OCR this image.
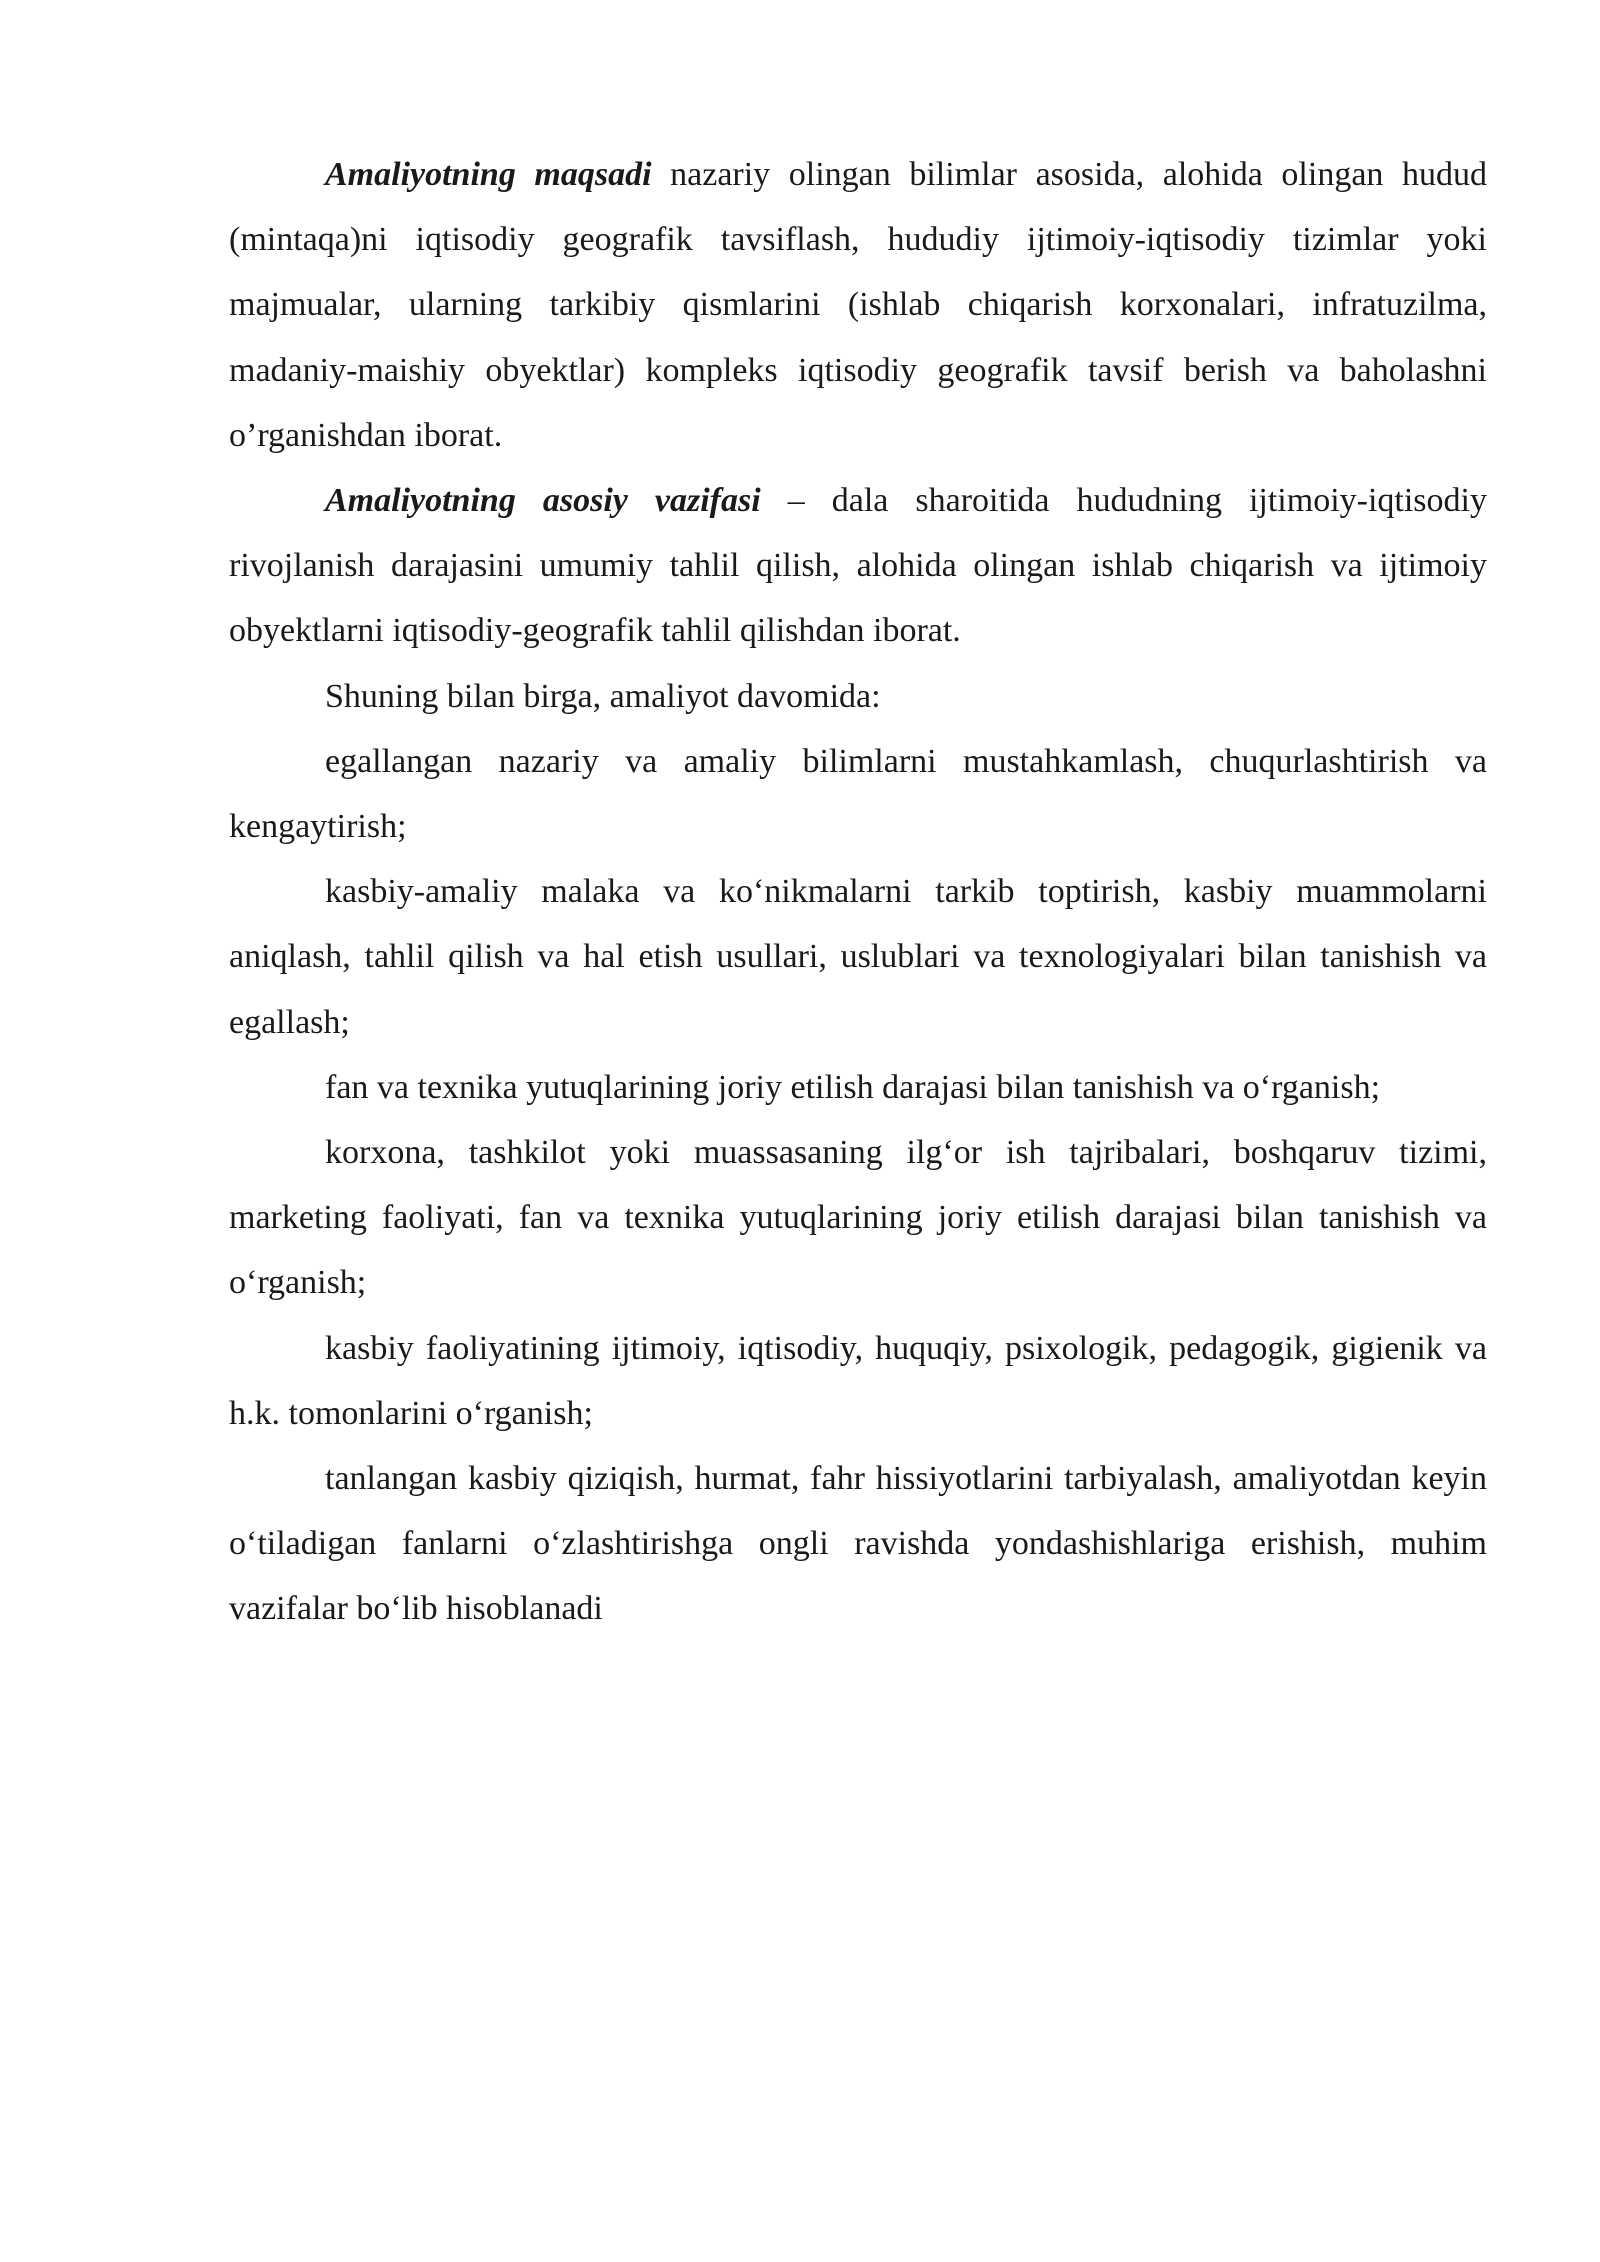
Amaliyotning maqsadi nazariy olingan bilimlar asosida, alohida olingan hudud (mintaqa)ni iqtisodiy geografik tavsiflash, hududiy ijtimoiy-iqtisodiy tizimlar yoki majmualar, ularning tarkibiy qismlarini (ishlab chiqarish korxonalari, infratuzilma, madaniy-maishiy obyektlar) kompleks iqtisodiy geografik tavsif berish va baholashni o’rganishdan iborat.

Amaliyotning asosiy vazifasi – dala sharoitida hududning ijtimoiy-iqtisodiy rivojlanish darajasini umumiy tahlil qilish, alohida olingan ishlab chiqarish va ijtimoiy obyektlarni iqtisodiy-geografik tahlil qilishdan iborat.

Shuning bilan birga, amaliyot davomida:

egallangan nazariy va amaliy bilimlarni mustahkamlash, chuqurlashtirish va kengaytirish;

kasbiy-amaliy malaka va ko‘nikmalarni tarkib toptirish, kasbiy muammolarni aniqlash, tahlil qilish va hal etish usullari, uslublari va texnologiyalari bilan tanishish va egallash;

fan va texnika yutuqlarining joriy etilish darajasi bilan tanishish va o‘rganish;

korxona, tashkilot yoki muassasaning ilg‘or ish tajribalari, boshqaruv tizimi, marketing faoliyati, fan va texnika yutuqlarining joriy etilish darajasi bilan tanishish va o‘rganish;

kasbiy faoliyatining ijtimoiy, iqtisodiy, huquqiy, psixologik, pedagogik, gigienik va h.k. tomonlarini o‘rganish;

tanlangan kasbiy qiziqish, hurmat, fahr hissiyotlarini tarbiyalash, amaliyotdan keyin o‘tiladigan fanlarni o‘zlashtirishga ongli ravishda yondashishlariga erishish, muhim vazifalar bo‘lib hisoblanadi
